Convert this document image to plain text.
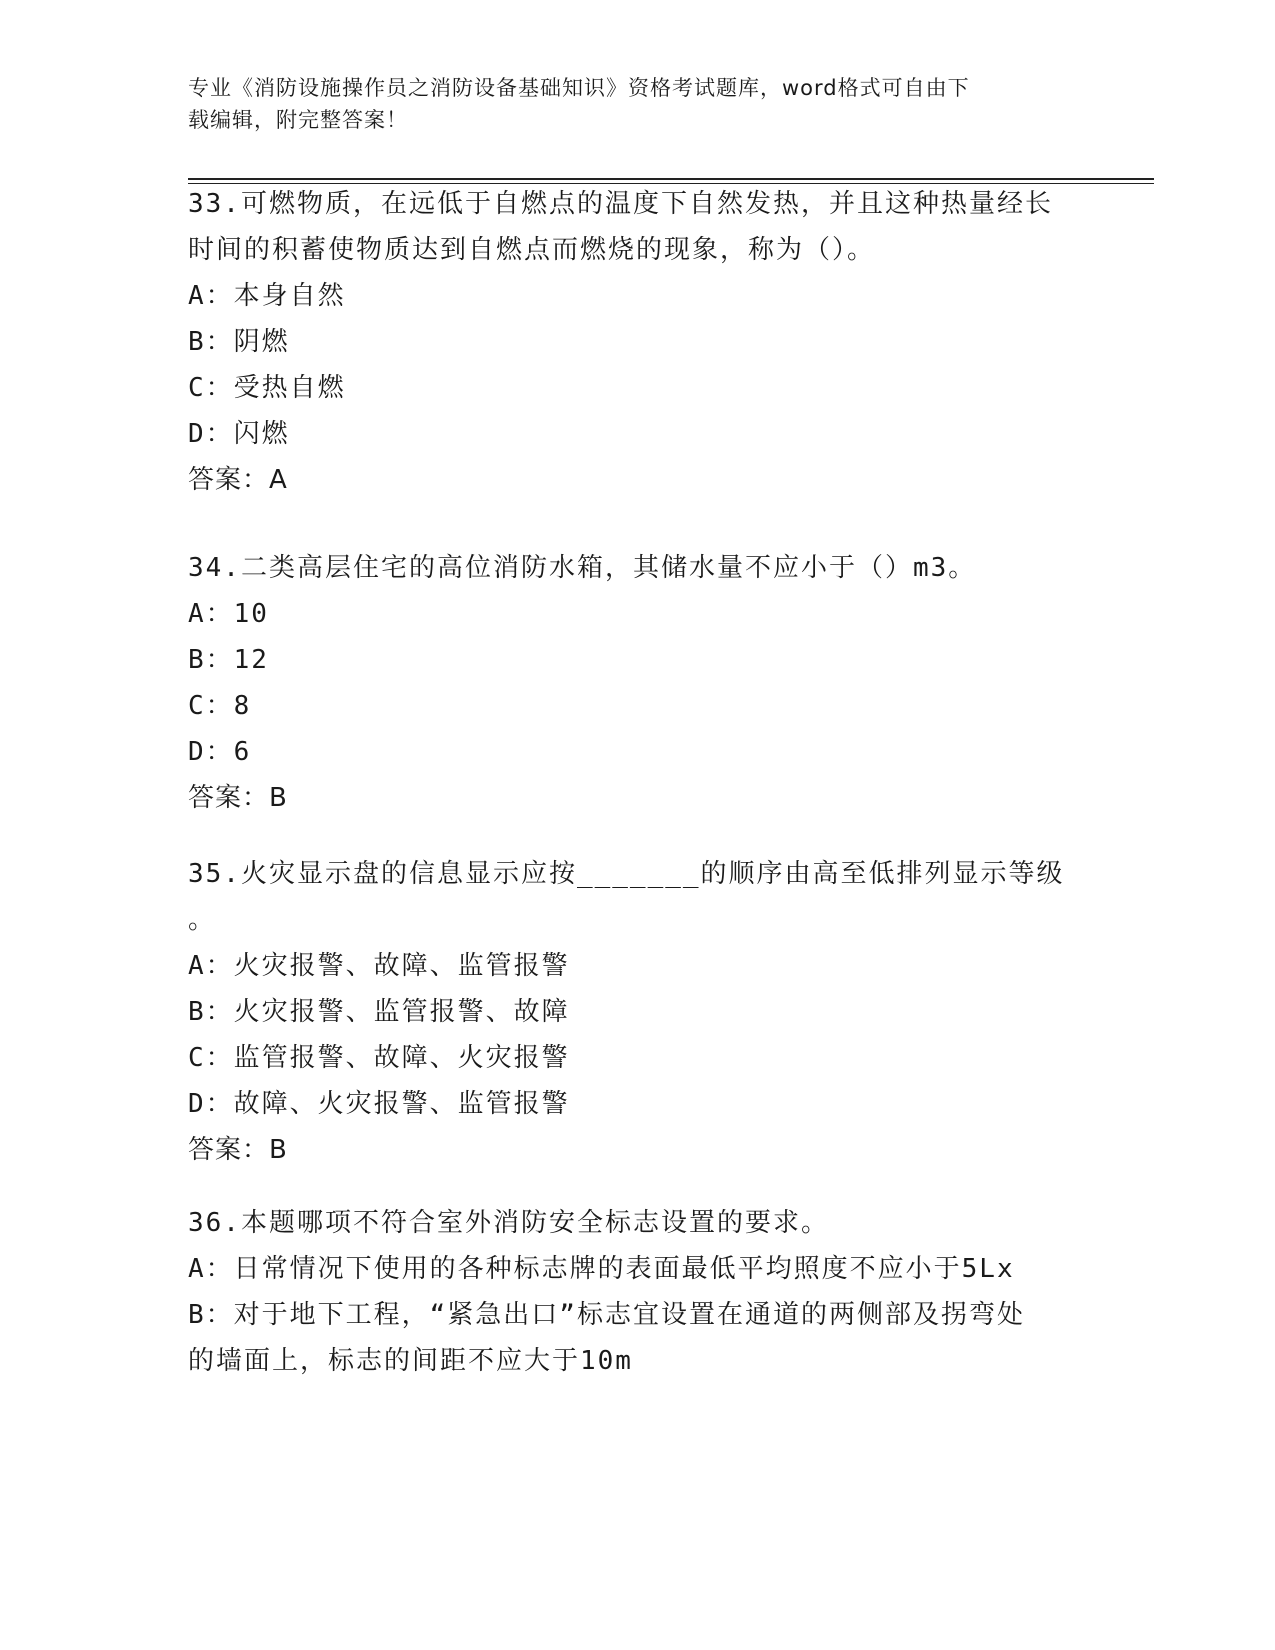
专业《消防设施操作员之消防设备基础知识》资格考试题库，word格式可自由下
载编辑，附完整答案！
33.可燃物质，在远低于自燃点的温度下自然发热，并且这种热量经长
时间的积蓄使物质达到自燃点而燃烧的现象，称为（）。
A：本身自然
B：阴燃
C：受热自燃
D：闪燃
答案：A
34.二类高层住宅的高位消防水箱，其储水量不应小于（）m3。
A：10
B：12
C：8
D：6
答案：B
35.火灾显示盘的信息显示应按_______的顺序由高至低排列显示等级
。
A：火灾报警、故障、监管报警
B：火灾报警、监管报警、故障
C：监管报警、故障、火灾报警
D：故障、火灾报警、监管报警
答案：B
36.本题哪项不符合室外消防安全标志设置的要求。
A：日常情况下使用的各种标志牌的表面最低平均照度不应小于5Lx
B：对于地下工程，“紧急出口”标志宜设置在通道的两侧部及拐弯处
的墙面上，标志的间距不应大于10m
